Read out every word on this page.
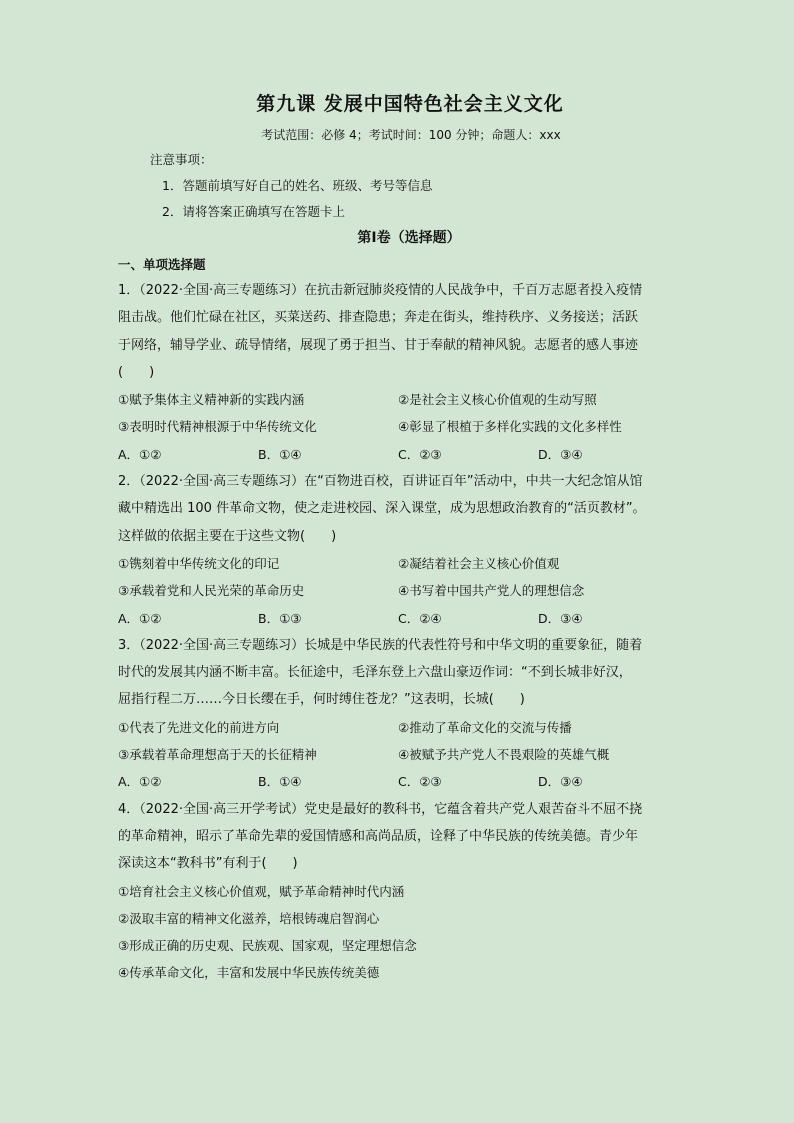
第九课 发展中国特色社会主义文化
考试范围：必修 4；考试时间：100 分钟；命题人：xxx
注意事项：
1．答题前填写好自己的姓名、班级、考号等信息
2．请将答案正确填写在答题卡上
第I卷（选择题）
一、单项选择题
1．（2022·全国·高三专题练习）在抗击新冠肺炎疫情的人民战争中，千百万志愿者投入疫情
阻击战。他们忙碌在社区，买菜送药、排查隐患；奔走在街头，维持秩序、义务接送；活跃
于网络，辅导学业、疏导情绪，展现了勇于担当、甘于奉献的精神风貌。志愿者的感人事迹
(　　)
①赋予集体主义精神新的实践内涵	②是社会主义核心价值观的生动写照
③表明时代精神根源于中华传统文化	④彰显了根植于多样化实践的文化多样性
A．①②	B．①④	C．②③	D．③④
2．（2022·全国·高三专题练习）在“百物进百校，百讲证百年”活动中，中共一大纪念馆从馆
藏中精选出 100 件革命文物，使之走进校园、深入课堂，成为思想政治教育的“活页教材”。
这样做的依据主要在于这些文物(　　)
①镌刻着中华传统文化的印记	②凝结着社会主义核心价值观
③承载着党和人民光荣的革命历史	④书写着中国共产党人的理想信念
A．①②	B．①③	C．②④	D．③④
3．（2022·全国·高三专题练习）长城是中华民族的代表性符号和中华文明的重要象征，随着
时代的发展其内涵不断丰富。长征途中，毛泽东登上六盘山豪迈作词：“不到长城非好汉，
屈指行程二万……今日长缨在手，何时缚住苍龙？”这表明，长城(　　)
①代表了先进文化的前进方向	②推动了革命文化的交流与传播
③承载着革命理想高于天的长征精神	④被赋予共产党人不畏艰险的英雄气概
A．①②	B．①④	C．②③	D．③④
4．（2022·全国·高三开学考试）党史是最好的教科书，它蕴含着共产党人艰苦奋斗不屈不挠
的革命精神，昭示了革命先辈的爱国情感和高尚品质，诠释了中华民族的传统美德。青少年
深读这本“教科书”有利于(　　)
①培育社会主义核心价值观，赋予革命精神时代内涵
②汲取丰富的精神文化滋养，培根铸魂启智润心
③形成正确的历史观、民族观、国家观，坚定理想信念
④传承革命文化，丰富和发展中华民族传统美德
